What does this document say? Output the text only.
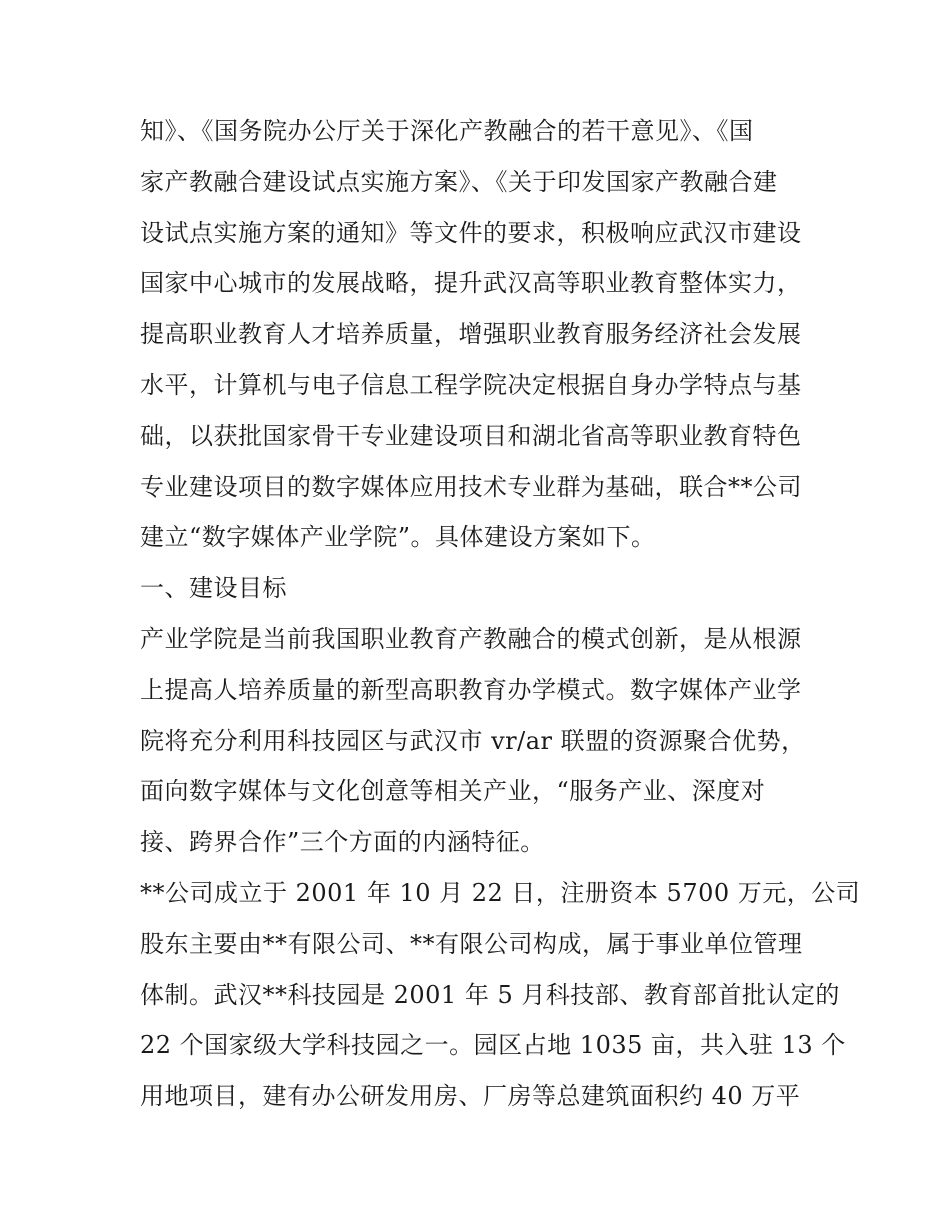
知》、《国务院办公厅关于深化产教融合的若干意见》、《国
家产教融合建设试点实施方案》、《关于印发国家产教融合建
设试点实施方案的通知》等文件的要求，积极响应武汉市建设
国家中心城市的发展战略，提升武汉高等职业教育整体实力，
提高职业教育人才培养质量，增强职业教育服务经济社会发展
水平，计算机与电子信息工程学院决定根据自身办学特点与基
础，以获批国家骨干专业建设项目和湖北省高等职业教育特色
专业建设项目的数字媒体应用技术专业群为基础，联合**公司
建立“数字媒体产业学院”。具体建设方案如下。
一、建设目标
产业学院是当前我国职业教育产教融合的模式创新，是从根源
上提高人培养质量的新型高职教育办学模式。数字媒体产业学
院将充分利用科技园区与武汉市 vr/ar 联盟的资源聚合优势，
面向数字媒体与文化创意等相关产业，“服务产业、深度对
接、跨界合作”三个方面的内涵特征。
**公司成立于 2001 年 10 月 22 日，注册资本 5700 万元，公司
股东主要由**有限公司、**有限公司构成，属于事业单位管理
体制。武汉**科技园是 2001 年 5 月科技部、教育部首批认定的
22 个国家级大学科技园之一。园区占地 1035 亩，共入驻 13 个
用地项目，建有办公研发用房、厂房等总建筑面积约 40 万平
